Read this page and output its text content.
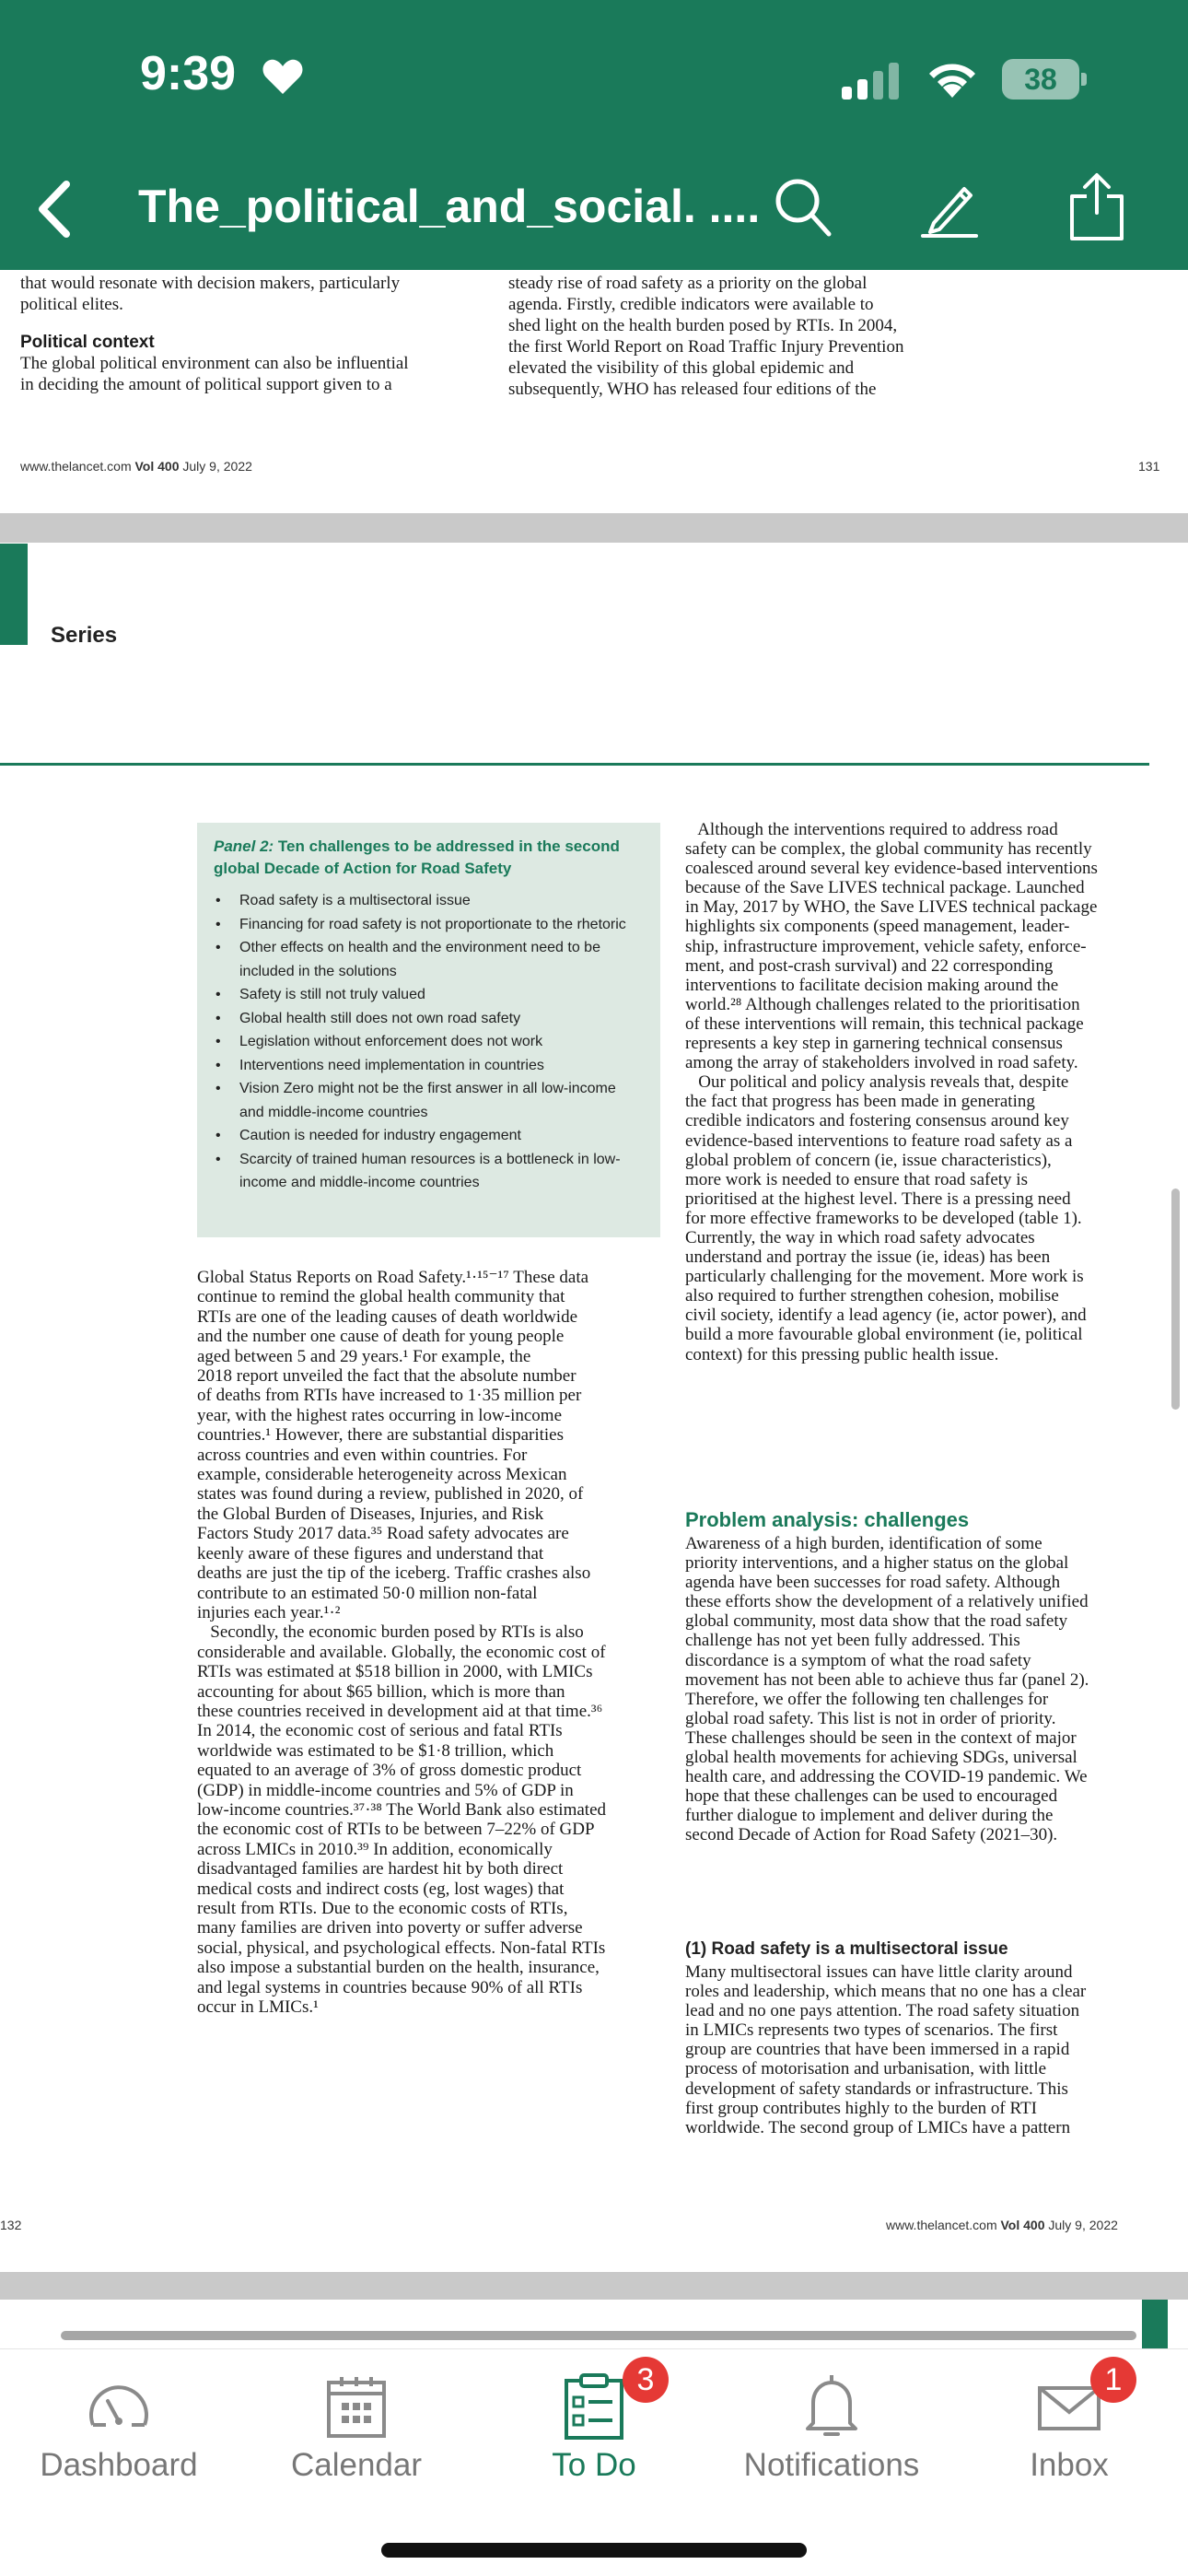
9:39	38
The_political_and_social. ....
that would resonate with decision makers, particularly
political elites.
Political context
The global political environment can also be influential
in deciding the amount of political support given to a
steady rise of road safety as a priority on the global
agenda. Firstly, credible indicators were available to
shed light on the health burden posed by RTIs. In 2004,
the first World Report on Road Traffic Injury Prevention
elevated the visibility of this global epidemic and
subsequently, WHO has released four editions of the
www.thelancet.com Vol 400 July 9, 2022	131
Series
Panel 2: Ten challenges to be addressed in the second global Decade of Action for Road Safety
• Road safety is a multisectoral issue
• Financing for road safety is not proportionate to the rhetoric
• Other effects on health and the environment need to be included in the solutions
• Safety is still not truly valued
• Global health still does not own road safety
• Legislation without enforcement does not work
• Interventions need implementation in countries
• Vision Zero might not be the first answer in all low-income and middle-income countries
• Caution is needed for industry engagement
• Scarcity of trained human resources is a bottleneck in low-income and middle-income countries
Global Status Reports on Road Safety.¹·¹⁵⁻¹⁷ These data
continue to remind the global health community that
RTIs are one of the leading causes of death worldwide
and the number one cause of death for young people
aged between 5 and 29 years.¹ For example, the
2018 report unveiled the fact that the absolute number
of deaths from RTIs have increased to 1·35 million per
year, with the highest rates occurring in low-income
countries.¹ However, there are substantial disparities
across countries and even within countries. For
example, considerable heterogeneity across Mexican
states was found during a review, published in 2020, of
the Global Burden of Diseases, Injuries, and Risk
Factors Study 2017 data.³⁵ Road safety advocates are
keenly aware of these figures and understand that
deaths are just the tip of the iceberg. Traffic crashes also
contribute to an estimated 50·0 million non-fatal
injuries each year.¹·²
Secondly, the economic burden posed by RTIs is also
considerable and available. Globally, the economic cost of
RTIs was estimated at $518 billion in 2000, with LMICs
accounting for about $65 billion, which is more than
these countries received in development aid at that time.³⁶
In 2014, the economic cost of serious and fatal RTIs
worldwide was estimated to be $1·8 trillion, which
equated to an average of 3% of gross domestic product
(GDP) in middle-income countries and 5% of GDP in
low-income countries.³⁷·³⁸ The World Bank also estimated
the economic cost of RTIs to be between 7–22% of GDP
across LMICs in 2010.³⁹ In addition, economically
disadvantaged families are hardest hit by both direct
medical costs and indirect costs (eg, lost wages) that
result from RTIs. Due to the economic costs of RTIs,
many families are driven into poverty or suffer adverse
social, physical, and psychological effects. Non-fatal RTIs
also impose a substantial burden on the health, insurance,
and legal systems in countries because 90% of all RTIs
occur in LMICs.¹
Although the interventions required to address road
safety can be complex, the global community has recently
coalesced around several key evidence-based interventions
because of the Save LIVES technical package. Launched
in May, 2017 by WHO, the Save LIVES technical package
highlights six components (speed management, leader-
ship, infrastructure improvement, vehicle safety, enforce-
ment, and post-crash survival) and 22 corresponding
interventions to facilitate decision making around the
world.²⁸ Although challenges related to the prioritisation
of these interventions will remain, this technical package
represents a key step in garnering technical consensus
among the array of stakeholders involved in road safety.
Our political and policy analysis reveals that, despite
the fact that progress has been made in generating
credible indicators and fostering consensus around key
evidence-based interventions to feature road safety as a
global problem of concern (ie, issue characteristics),
more work is needed to ensure that road safety is
prioritised at the highest level. There is a pressing need
for more effective frameworks to be developed (table 1).
Currently, the way in which road safety advocates
understand and portray the issue (ie, ideas) has been
particularly challenging for the movement. More work is
also required to further strengthen cohesion, mobilise
civil society, identify a lead agency (ie, actor power), and
build a more favourable global environment (ie, political
context) for this pressing public health issue.
Problem analysis: challenges
Awareness of a high burden, identification of some
priority interventions, and a higher status on the global
agenda have been successes for road safety. Although
these efforts show the development of a relatively unified
global community, most data show that the road safety
challenge has not yet been fully addressed. This
discordance is a symptom of what the road safety
movement has not been able to achieve thus far (panel 2).
Therefore, we offer the following ten challenges for
global road safety. This list is not in order of priority.
These challenges should be seen in the context of major
global health movements for achieving SDGs, universal
health care, and addressing the COVID-19 pandemic. We
hope that these challenges can be used to encouraged
further dialogue to implement and deliver during the
second Decade of Action for Road Safety (2021–30).
(1) Road safety is a multisectoral issue
Many multisectoral issues can have little clarity around
roles and leadership, which means that no one has a clear
lead and no one pays attention. The road safety situation
in LMICs represents two types of scenarios. The first
group are countries that have been immersed in a rapid
process of motorisation and urbanisation, with little
development of safety standards or infrastructure. This
first group contributes highly to the burden of RTI
worldwide. The second group of LMICs have a pattern
132	www.thelancet.com Vol 400 July 9, 2022
Dashboard	Calendar
3
To Do	Notifications
1
Inbox
